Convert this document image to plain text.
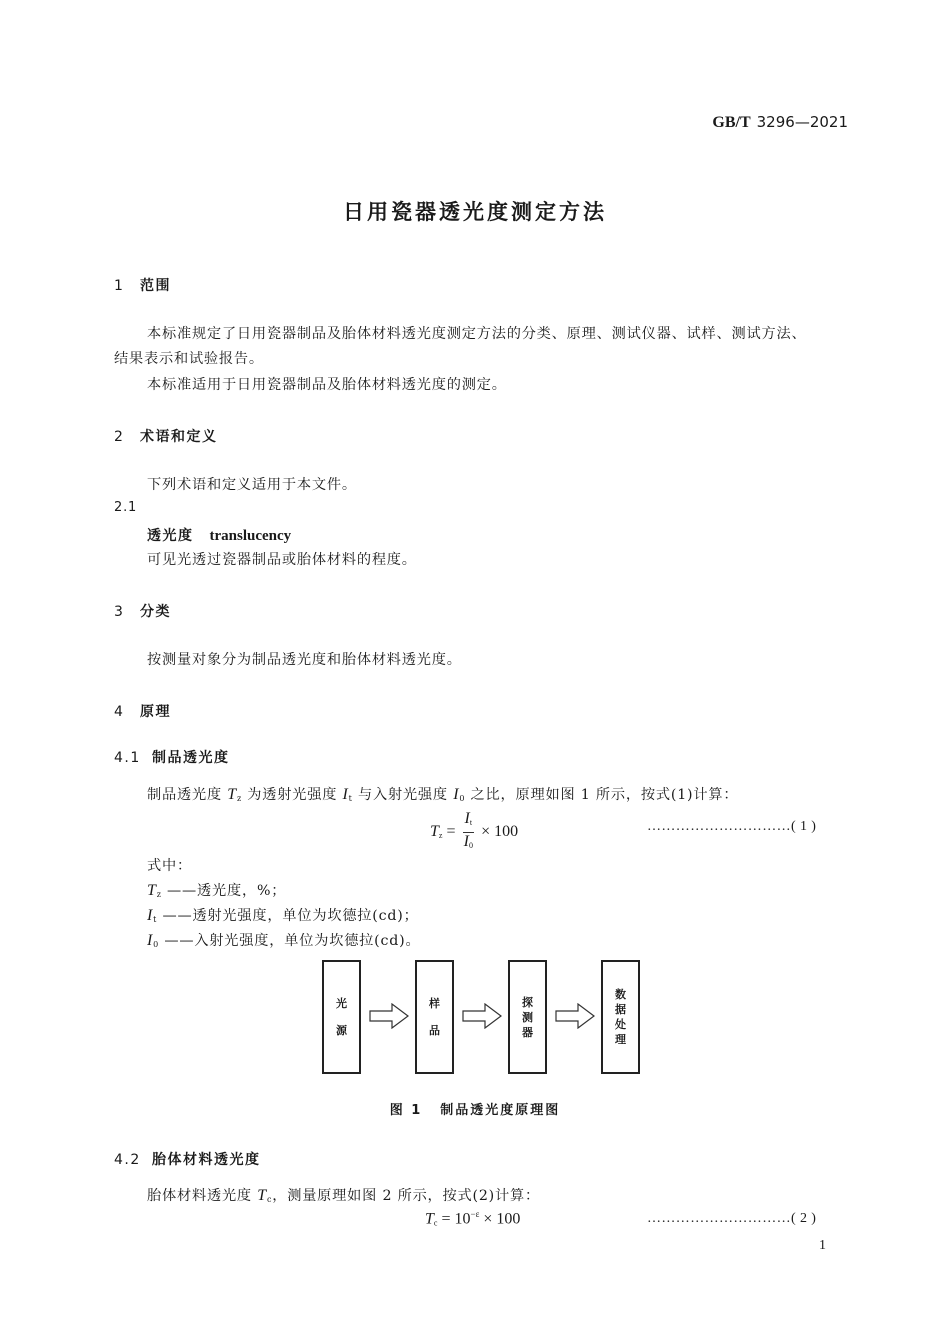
GB/T 3296—2021
日用瓷器透光度测定方法
1 范围
本标准规定了日用瓷器制品及胎体材料透光度测定方法的分类、原理、测试仪器、试样、测试方法、
结果表示和试验报告。
本标准适用于日用瓷器制品及胎体材料透光度的测定。
2 术语和定义
下列术语和定义适用于本文件。
2.1
透光度 translucency
可见光透过瓷器制品或胎体材料的程度。
3 分类
按测量对象分为制品透光度和胎体材料透光度。
4 原理
4.1 制品透光度
制品透光度 $T_z$ 为透射光强度 $I_t$ 与入射光强度 $I_0$ 之比，原理如图 1 所示，按式(1)计算：
$T_z = \frac{I_t}{I_0} \times 100$	…………………………( 1 )
式中：
$T_z$ ——透光度，%；
$I_t$ ——透射光强度，单位为坎德拉(cd)；
$I_0$ ——入射光强度，单位为坎德拉(cd)。
光
源
样
品
探
测
器
数
据
处
理
图 1 制品透光度原理图
4.2 胎体材料透光度
胎体材料透光度 $T_c$，测量原理如图 2 所示，按式(2)计算：
$T_c = 10^{-\varepsilon} \times 100$	…………………………( 2 )
1
